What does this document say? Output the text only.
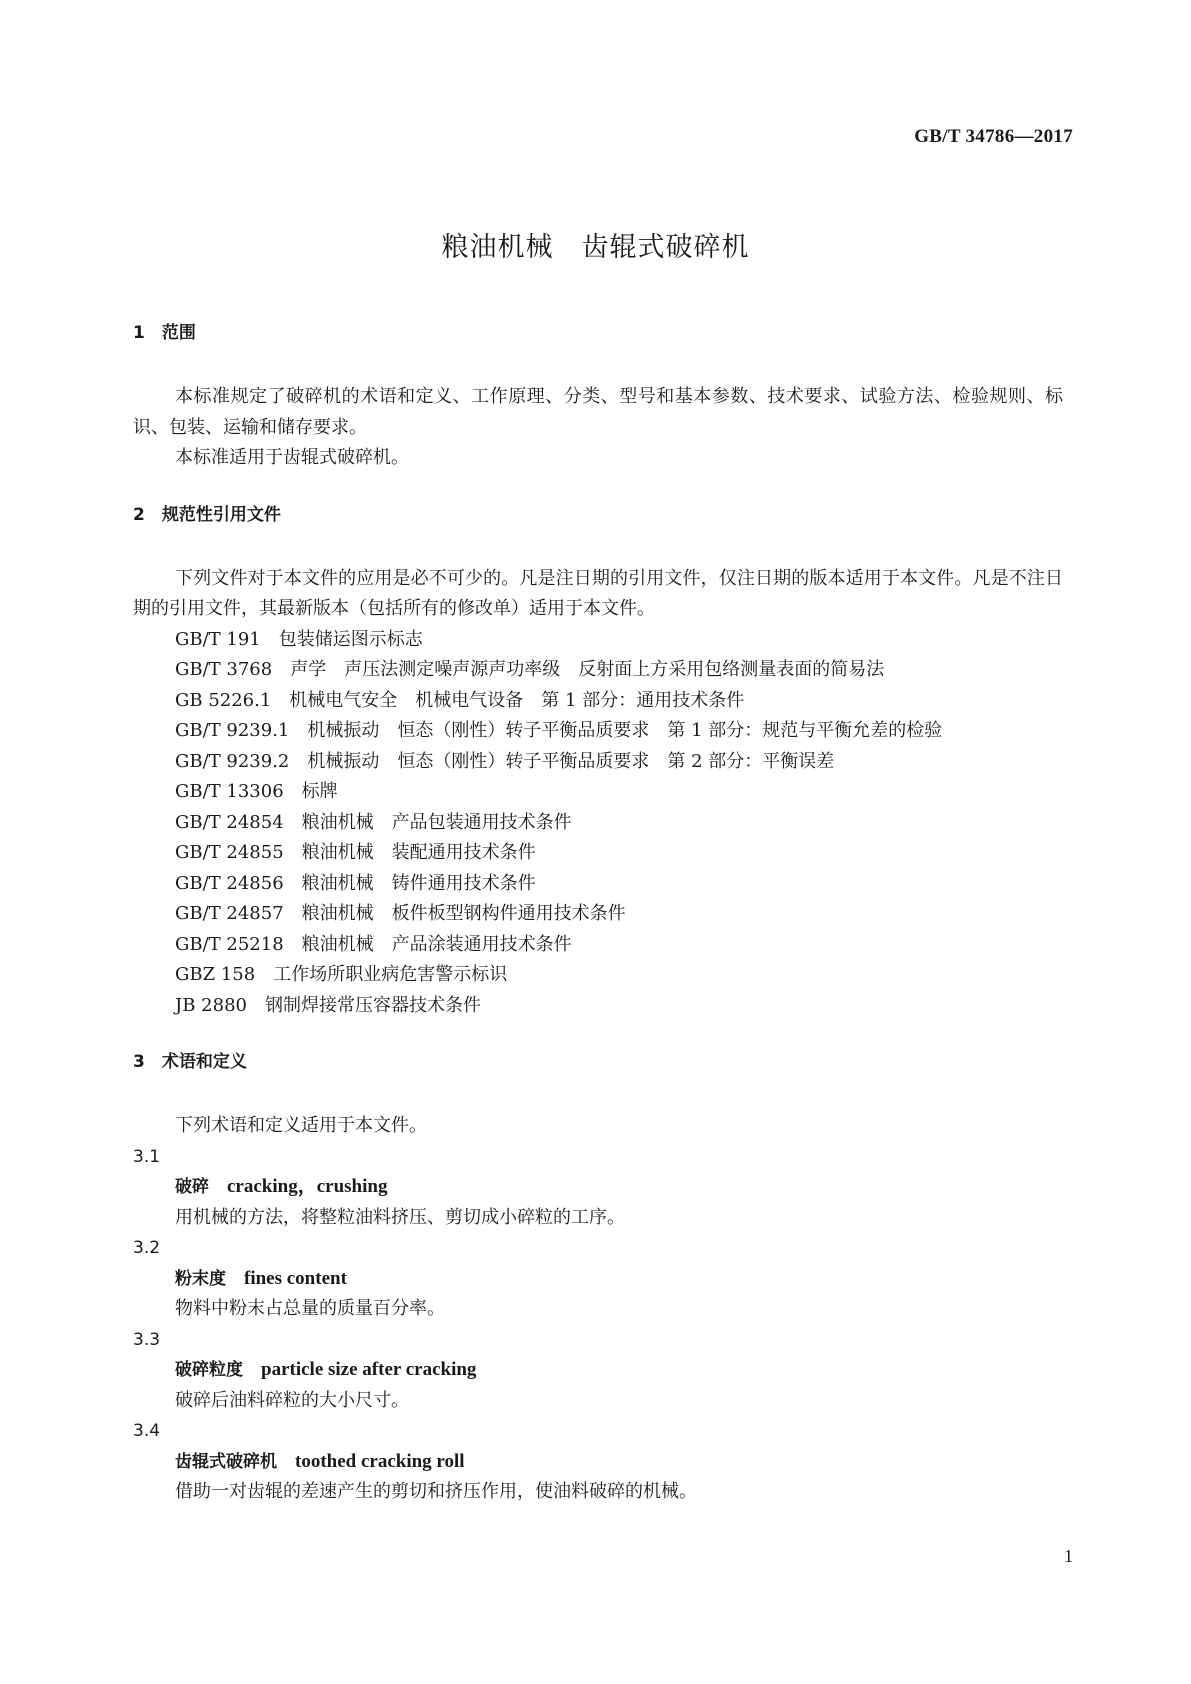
GB/T 34786—2017
粮油机械　齿辊式破碎机

1　范围

本标准规定了破碎机的术语和定义、工作原理、分类、型号和基本参数、技术要求、试验方法、检验规则、标识、包装、运输和储存要求。

本标准适用于齿辊式破碎机。

2　规范性引用文件

下列文件对于本文件的应用是必不可少的。凡是注日期的引用文件，仅注日期的版本适用于本文件。凡是不注日期的引用文件，其最新版本（包括所有的修改单）适用于本文件。

GB/T 191　包装储运图示标志
GB/T 3768　声学　声压法测定噪声源声功率级　反射面上方采用包络测量表面的简易法
GB 5226.1　机械电气安全　机械电气设备　第 1 部分：通用技术条件
GB/T 9239.1　机械振动　恒态（刚性）转子平衡品质要求　第 1 部分：规范与平衡允差的检验
GB/T 9239.2　机械振动　恒态（刚性）转子平衡品质要求　第 2 部分：平衡误差
GB/T 13306　标牌
GB/T 24854　粮油机械　产品包装通用技术条件
GB/T 24855　粮油机械　装配通用技术条件
GB/T 24856　粮油机械　铸件通用技术条件
GB/T 24857　粮油机械　板件板型钢构件通用技术条件
GB/T 25218　粮油机械　产品涂装通用技术条件
GBZ 158　工作场所职业病危害警示标识
JB 2880　钢制焊接常压容器技术条件

3　术语和定义

下列术语和定义适用于本文件。

3.1

破碎　 cracking，crushing

用机械的方法，将整粒油料挤压、剪切成小碎粒的工序。

3.2

粉末度　 fines content

物料中粉末占总量的质量百分率。

3.3

破碎粒度　 particle size after cracking

破碎后油料碎粒的大小尺寸。

3.4

齿辊式破碎机　 toothed cracking roll

借助一对齿辊的差速产生的剪切和挤压作用，使油料破碎的机械。

1
